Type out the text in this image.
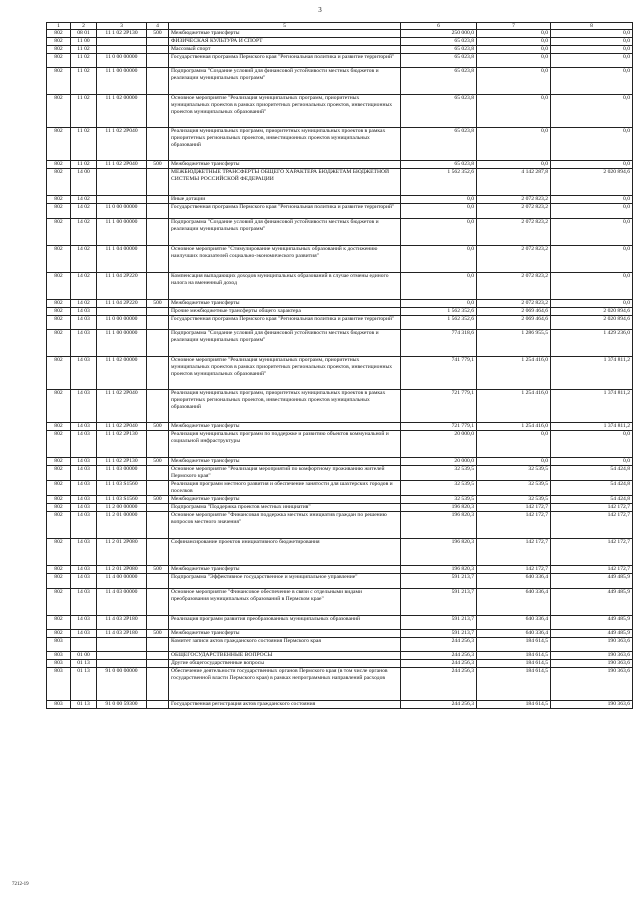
3
1	2	3	4	5	6	7	8
802	08 01	11 1 02 2P130	500	Межбюджетные трансферты	250 000,0	0,0	0,0
802	11 00			ФИЗИЧЕСКАЯ КУЛЬТУРА И СПОРТ	65 023,8	0,0	0,0
802	11 02			Массовый спорт	65 023,8	0,0	0,0
802	11 02	11 0 00 00000		Государственная программа Пермского края "Региональная политика и развитие территорий"	65 023,8	0,0	0,0
802	11 02	11 1 00 00000		Подпрограмма "Создание условий для финансовой устойчивости местных бюджетов и реализации муниципальных программ"	65 023,8	0,0	0,0
802	11 02	11 1 02 00000		Основное мероприятие "Реализация муниципальных программ, приоритетных муниципальных проектов в рамках приоритетных региональных проектов, инвестиционных проектов муниципальных образований"	65 023,8	0,0	0,0
802	11 02	11 1 02 2P040		Реализация муниципальных программ, приоритетных муниципальных проектов в рамках приоритетных региональных проектов, инвестиционных проектов муниципальных образований	65 023,8	0,0	0,0
802	11 02	11 1 02 2P040	500	Межбюджетные трансферты	65 023,8	0,0	0,0
802	14 00			МЕЖБЮДЖЕТНЫЕ ТРАНСФЕРТЫ ОБЩЕГО ХАРАКТЕРА БЮДЖЕТАМ БЮДЖЕТНОЙ СИСТЕМЫ РОССИЙСКОЙ ФЕДЕРАЦИИ	1 562 352,6	4 142 287,8	2 020 894,6
802	14 02			Иные дотации	0,0	2 072 823,2	0,0
802	14 02	11 0 00 00000		Государственная программа Пермского края "Региональная политика и развитие территорий"	0,0	2 072 823,2	0,0
802	14 02	11 1 00 00000		Подпрограмма "Создание условий для финансовой устойчивости местных бюджетов и реализации муниципальных программ"	0,0	2 072 823,2	0,0
802	14 02	11 1 04 00000		Основное мероприятие "Стимулирование муниципальных образований к достижению наилучших показателей социально-экономического развития"	0,0	2 072 823,2	0,0
802	14 02	11 1 04 2P220		Компенсация выпадающих доходов муниципальных образований в случае отмены единого налога на вмененный доход	0,0	2 072 823,2	0,0
802	14 02	11 1 04 2P220	500	Межбюджетные трансферты	0,0	2 072 823,2	0,0
802	14 03			Прочие межбюджетные трансферты общего характера	1 562 352,6	2 069 464,6	2 020 894,6
802	14 03	11 0 00 00000		Государственная программа Пермского края "Региональная политика и развитие территорий"	1 562 352,6	2 069 464,6	2 020 894,6
802	14 03	11 1 00 00000		Подпрограмма "Создание условий для финансовой устойчивости местных бюджетов и реализации муниципальных программ"	774 318,6	1 286 955,5	1 429 236,0
802	14 03	11 1 02 00000		Основное мероприятие "Реализация муниципальных программ, приоритетных муниципальных проектов в рамках приоритетных региональных проектов, инвестиционных проектов муниципальных образований"	741 779,1	1 254 416,0	1 374 811,2
802	14 03	11 1 02 2P040		Реализация муниципальных программ, приоритетных муниципальных проектов в рамках приоритетных региональных проектов, инвестиционных проектов муниципальных образований	721 779,1	1 254 416,0	1 374 811,2
802	14 03	11 1 02 2P040	500	Межбюджетные трансферты	721 779,1	1 254 416,0	1 374 811,2
802	14 03	11 1 02 2P130		Реализация муниципальных программ по поддержке и развитию объектов коммунальной и социальной инфраструктуры	20 000,0	0,0	0,0
802	14 03	11 1 02 2P130	500	Межбюджетные трансферты	20 000,0	0,0	0,0
802	14 03	11 1 03 00000		Основное мероприятие "Реализация мероприятий по комфортному проживанию жителей Пермского края"	32 539,5	32 539,5	54 424,8
802	14 03	11 1 03 S1560		Реализация программ местного развития и обеспечение занятости для шахтерских городов и поселков	32 539,5	32 539,5	54 424,8
802	14 03	11 1 03 S1560	500	Межбюджетные трансферты	32 539,5	32 539,5	54 424,8
802	14 03	11 2 00 00000		Подпрограмма "Поддержка проектов местных инициатив"	196 820,3	142 172,7	142 172,7
802	14 03	11 2 01 00000		Основное мероприятие "Финансовая поддержка местных инициатив граждан по решению вопросов местного значения"	196 820,3	142 172,7	142 172,7
802	14 03	11 2 01 2P080		Софинансирование проектов инициативного бюджетирования	196 820,3	142 172,7	142 172,7
802	14 03	11 2 01 2P080	500	Межбюджетные трансферты	196 820,3	142 172,7	142 172,7
802	14 03	11 4 00 00000		Подпрограмма "Эффективное государственное и муниципальное управление"	591 213,7	640 336,4	449 485,9
802	14 03	11 4 03 00000		Основное мероприятие "Финансовое обеспечение в связи с отдельными видами преобразования муниципальных образований в Пермском крае"	591 213,7	640 336,4	449 485,9
802	14 03	11 4 03 2P180		Реализация программ развития преобразованных муниципальных образований	591 213,7	640 336,4	449 485,9
802	14 03	11 4 03 2P180	500	Межбюджетные трансферты	591 213,7	640 336,4	449 485,9
803				Комитет записи актов гражданского состояния Пермского края	244 256,3	184 614,5	190 363,6
803	01 00			ОБЩЕГОСУДАРСТВЕННЫЕ ВОПРОСЫ	244 256,3	184 614,5	190 363,6
803	01 13			Другие общегосударственные вопросы	244 256,3	184 614,5	190 363,6
803	01 13	91 0 00 00000		Обеспечение деятельности государственных органов Пермского края (в том числе органов государственной власти Пермского края) в рамках непрограммных направлений расходов	244 256,3	184 614,5	190 363,6
803	01 13	91 0 00 59300		Государственная регистрация актов гражданского состояния	244 256,3	184 614,5	190 363,6
7212-19
